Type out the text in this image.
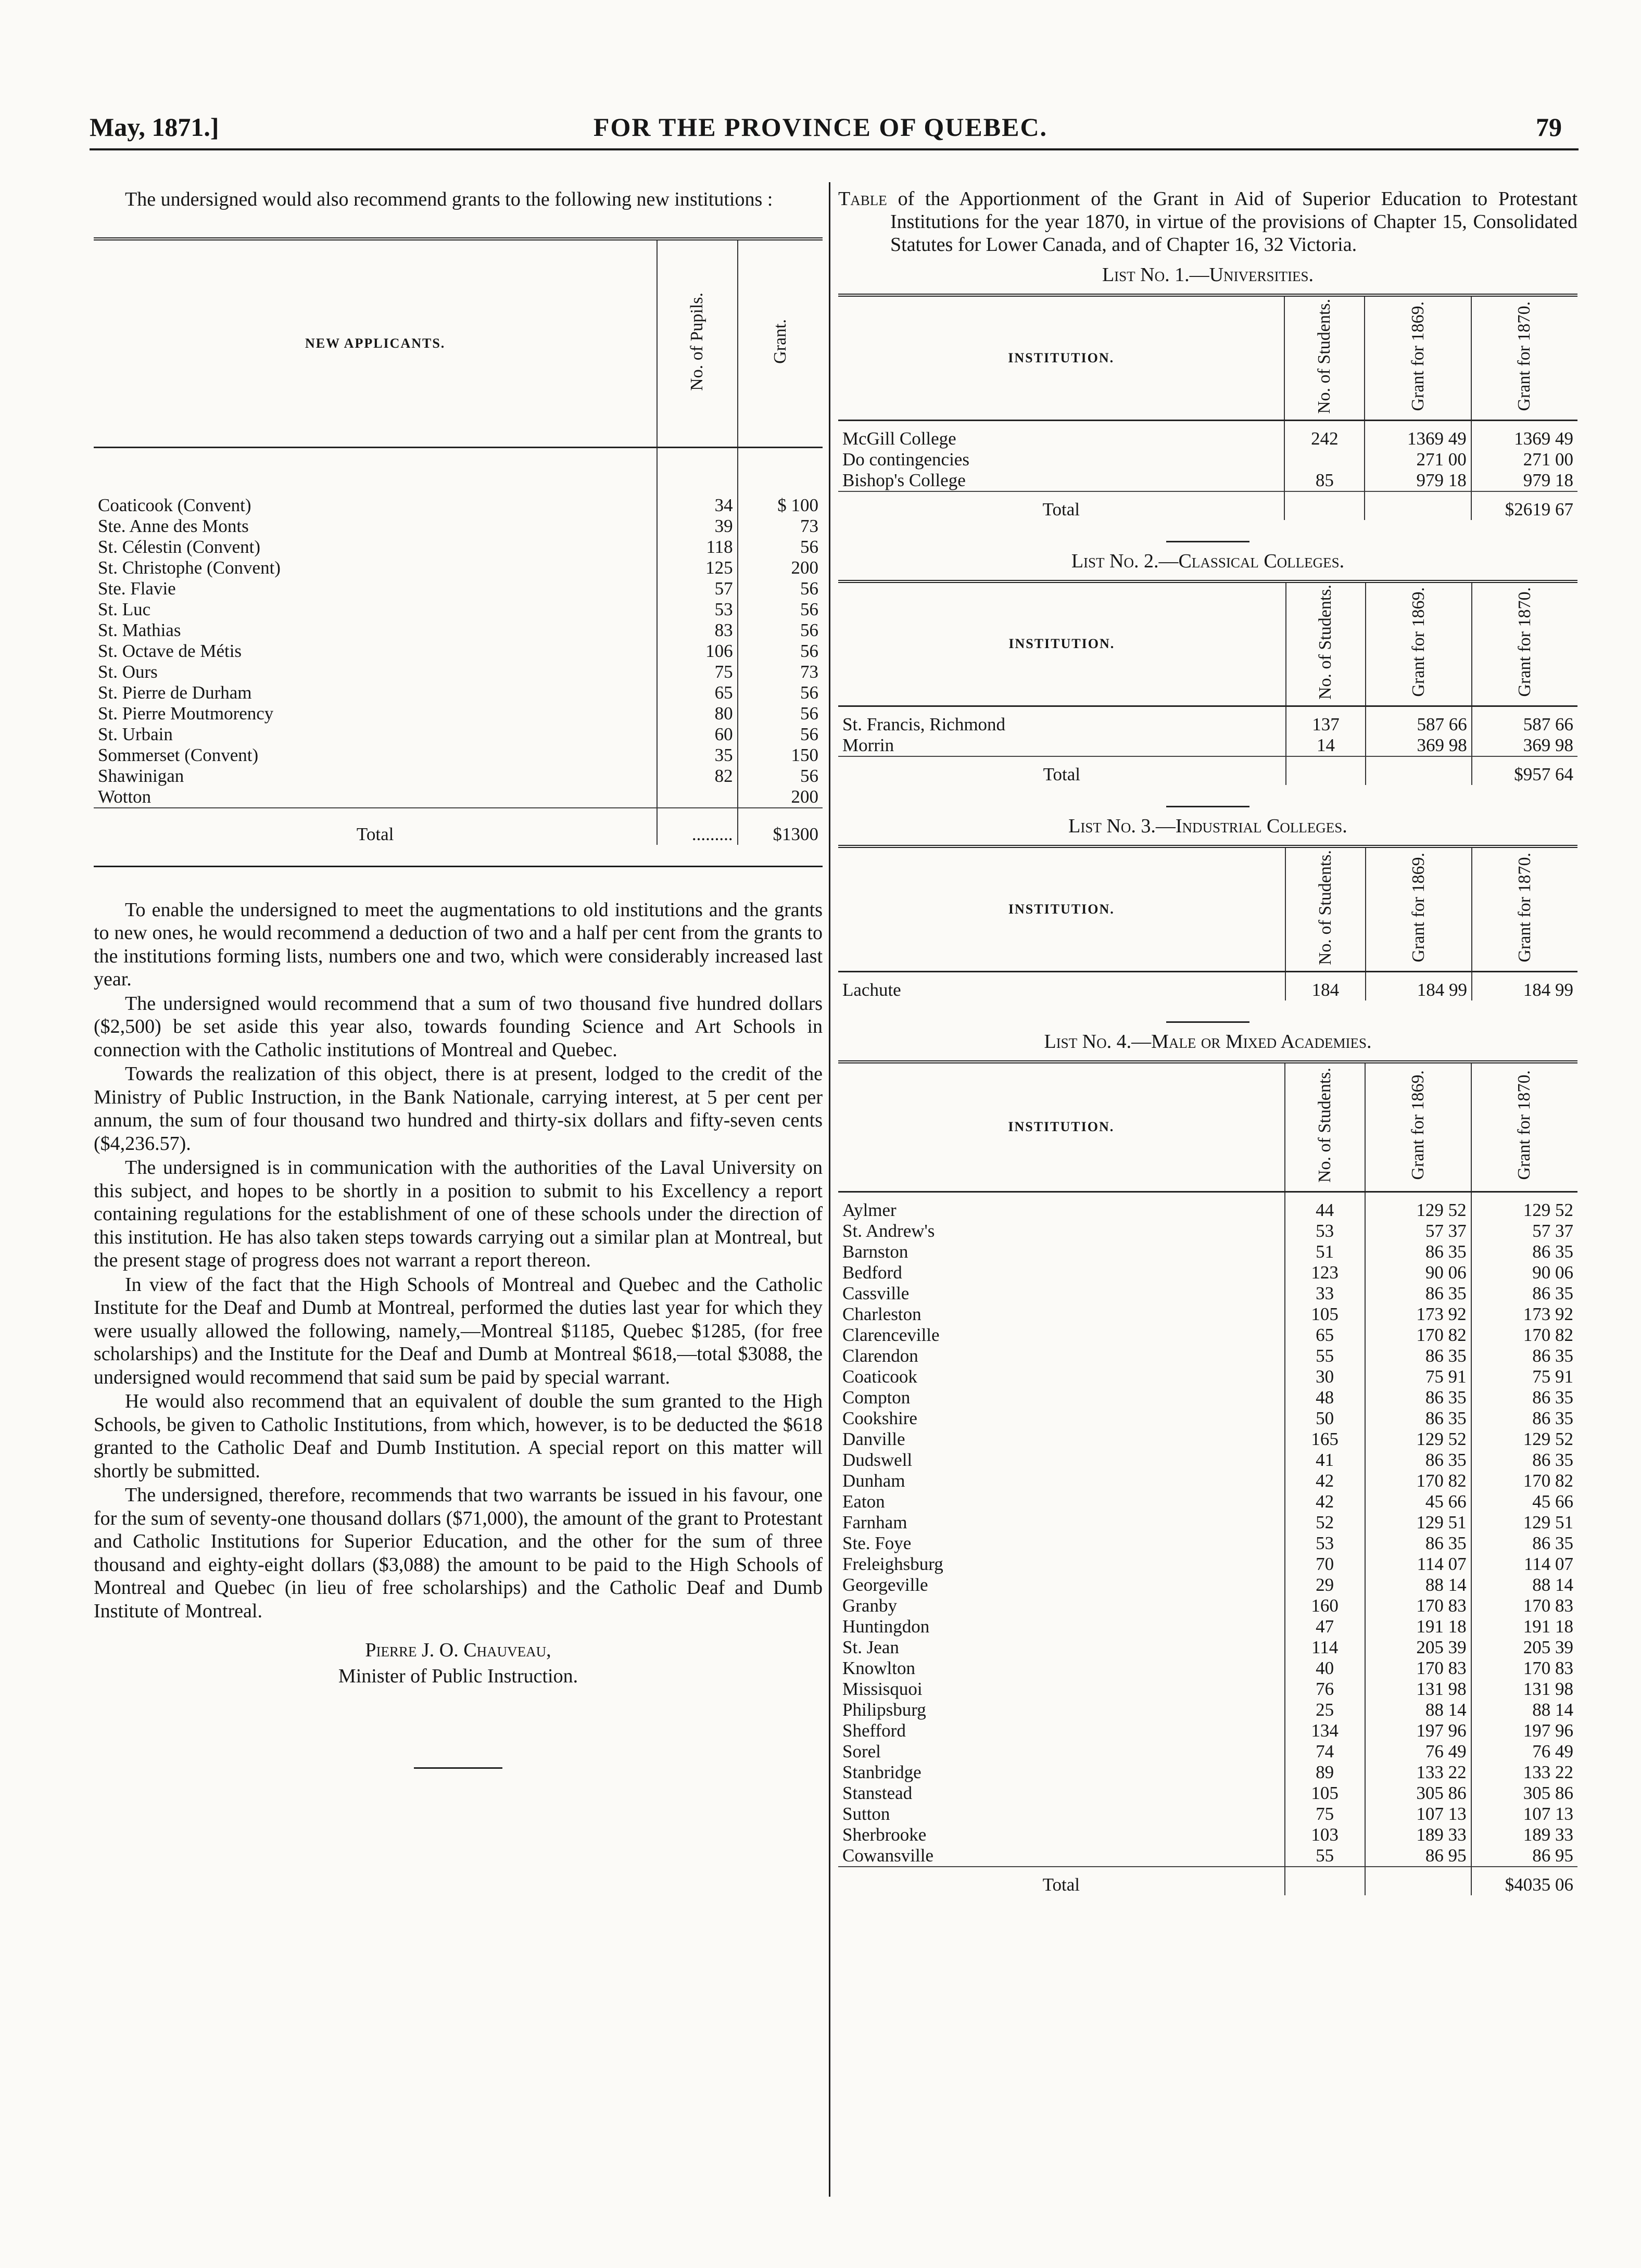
May, 1871.]	FOR THE PROVINCE OF QUEBEC.	79

The undersigned would also recommend grants to the following new institutions :

NEW APPLICANTS.	No. of Pupils.	Grant.
Coaticook (Convent)	34	$ 100
Ste. Anne des Monts	39	73
St. Célestin (Convent)	118	56
St. Christophe (Convent)	125	200
Ste. Flavie	57	56
St. Luc	53	56
St. Mathias	83	56
St. Octave de Métis	106	56
St. Ours	75	73
St. Pierre de Durham	65	56
St. Pierre Moutmorency	80	56
St. Urbain	60	56
Sommerset (Convent)	35	150
Shawinigan	82	56
Wotton		200
Total	.........	$1300

To enable the undersigned to meet the augmentations to old institutions and the grants to new ones, he would recommend a deduction of two and a half per cent from the grants to the institutions forming lists, numbers one and two, which were considerably increased last year.

The undersigned would recommend that a sum of two thousand five hundred dollars ($2,500) be set aside this year also, towards founding Science and Art Schools in connection with the Catholic institutions of Montreal and Quebec.

Towards the realization of this object, there is at present, lodged to the credit of the Ministry of Public Instruction, in the Bank Nationale, carrying interest, at 5 per cent per annum, the sum of four thousand two hundred and thirty-six dollars and fifty-seven cents ($4,236.57).

The undersigned is in communication with the authorities of the Laval University on this subject, and hopes to be shortly in a position to submit to his Excellency a report containing regulations for the establishment of one of these schools under the direction of this institution. He has also taken steps towards carrying out a similar plan at Montreal, but the present stage of progress does not warrant a report thereon.

In view of the fact that the High Schools of Montreal and Quebec and the Catholic Institute for the Deaf and Dumb at Montreal, performed the duties last year for which they were usually allowed the following, namely,—Montreal $1185, Quebec $1285, (for free scholarships) and the Institute for the Deaf and Dumb at Montreal $618,—total $3088, the undersigned would recommend that said sum be paid by special warrant.

He would also recommend that an equivalent of double the sum granted to the High Schools, be given to Catholic Institutions, from which, however, is to be deducted the $618 granted to the Catholic Deaf and Dumb Institution. A special report on this matter will shortly be submitted.

The undersigned, therefore, recommends that two warrants be issued in his favour, one for the sum of seventy-one thousand dollars ($71,000), the amount of the grant to Protestant and Catholic Institutions for Superior Education, and the other for the sum of three thousand and eighty-eight dollars ($3,088) the amount to be paid to the High Schools of Montreal and Quebec (in lieu of free scholarships) and the Catholic Deaf and Dumb Institute of Montreal.

Pierre J. O. Chauveau,
Minister of Public Instruction.
Table of the Apportionment of the Grant in Aid of Superior Education to Protestant Institutions for the year 1870, in virtue of the provisions of Chapter 15, Consolidated Statutes for Lower Canada, and of Chapter 16, 32 Victoria.
List No. 1.—Universities.
INSTITUTION.	No. of Students.	Grant for 1869.	Grant for 1870.
McGill College	242	1369 49	1369 49
Do contingencies		271 00	271 00
Bishop's College	85	979 18	979 18
Total			$2619 67
List No. 2.—Classical Colleges.
INSTITUTION.	No. of Students.	Grant for 1869.	Grant for 1870.
St. Francis, Richmond	137	587 66	587 66
Morrin	14	369 98	369 98
Total			$957 64
List No. 3.—Industrial Colleges.
INSTITUTION.	No. of Students.	Grant for 1869.	Grant for 1870.
Lachute	184	184 99	184 99
List No. 4.—Male or Mixed Academies.
INSTITUTION.	No. of Students.	Grant for 1869.	Grant for 1870.
Aylmer	44	129 52	129 52
St. Andrew's	53	57 37	57 37
Barnston	51	86 35	86 35
Bedford	123	90 06	90 06
Cassville	33	86 35	86 35
Charleston	105	173 92	173 92
Clarenceville	65	170 82	170 82
Clarendon	55	86 35	86 35
Coaticook	30	75 91	75 91
Compton	48	86 35	86 35
Cookshire	50	86 35	86 35
Danville	165	129 52	129 52
Dudswell	41	86 35	86 35
Dunham	42	170 82	170 82
Eaton	42	45 66	45 66
Farnham	52	129 51	129 51
Ste. Foye	53	86 35	86 35
Freleighsburg	70	114 07	114 07
Georgeville	29	88 14	88 14
Granby	160	170 83	170 83
Huntingdon	47	191 18	191 18
St. Jean	114	205 39	205 39
Knowlton	40	170 83	170 83
Missisquoi	76	131 98	131 98
Philipsburg	25	88 14	88 14
Shefford	134	197 96	197 96
Sorel	74	76 49	76 49
Stanbridge	89	133 22	133 22
Stanstead	105	305 86	305 86
Sutton	75	107 13	107 13
Sherbrooke	103	189 33	189 33
Cowansville	55	86 95	86 95
Total			$4035 06
